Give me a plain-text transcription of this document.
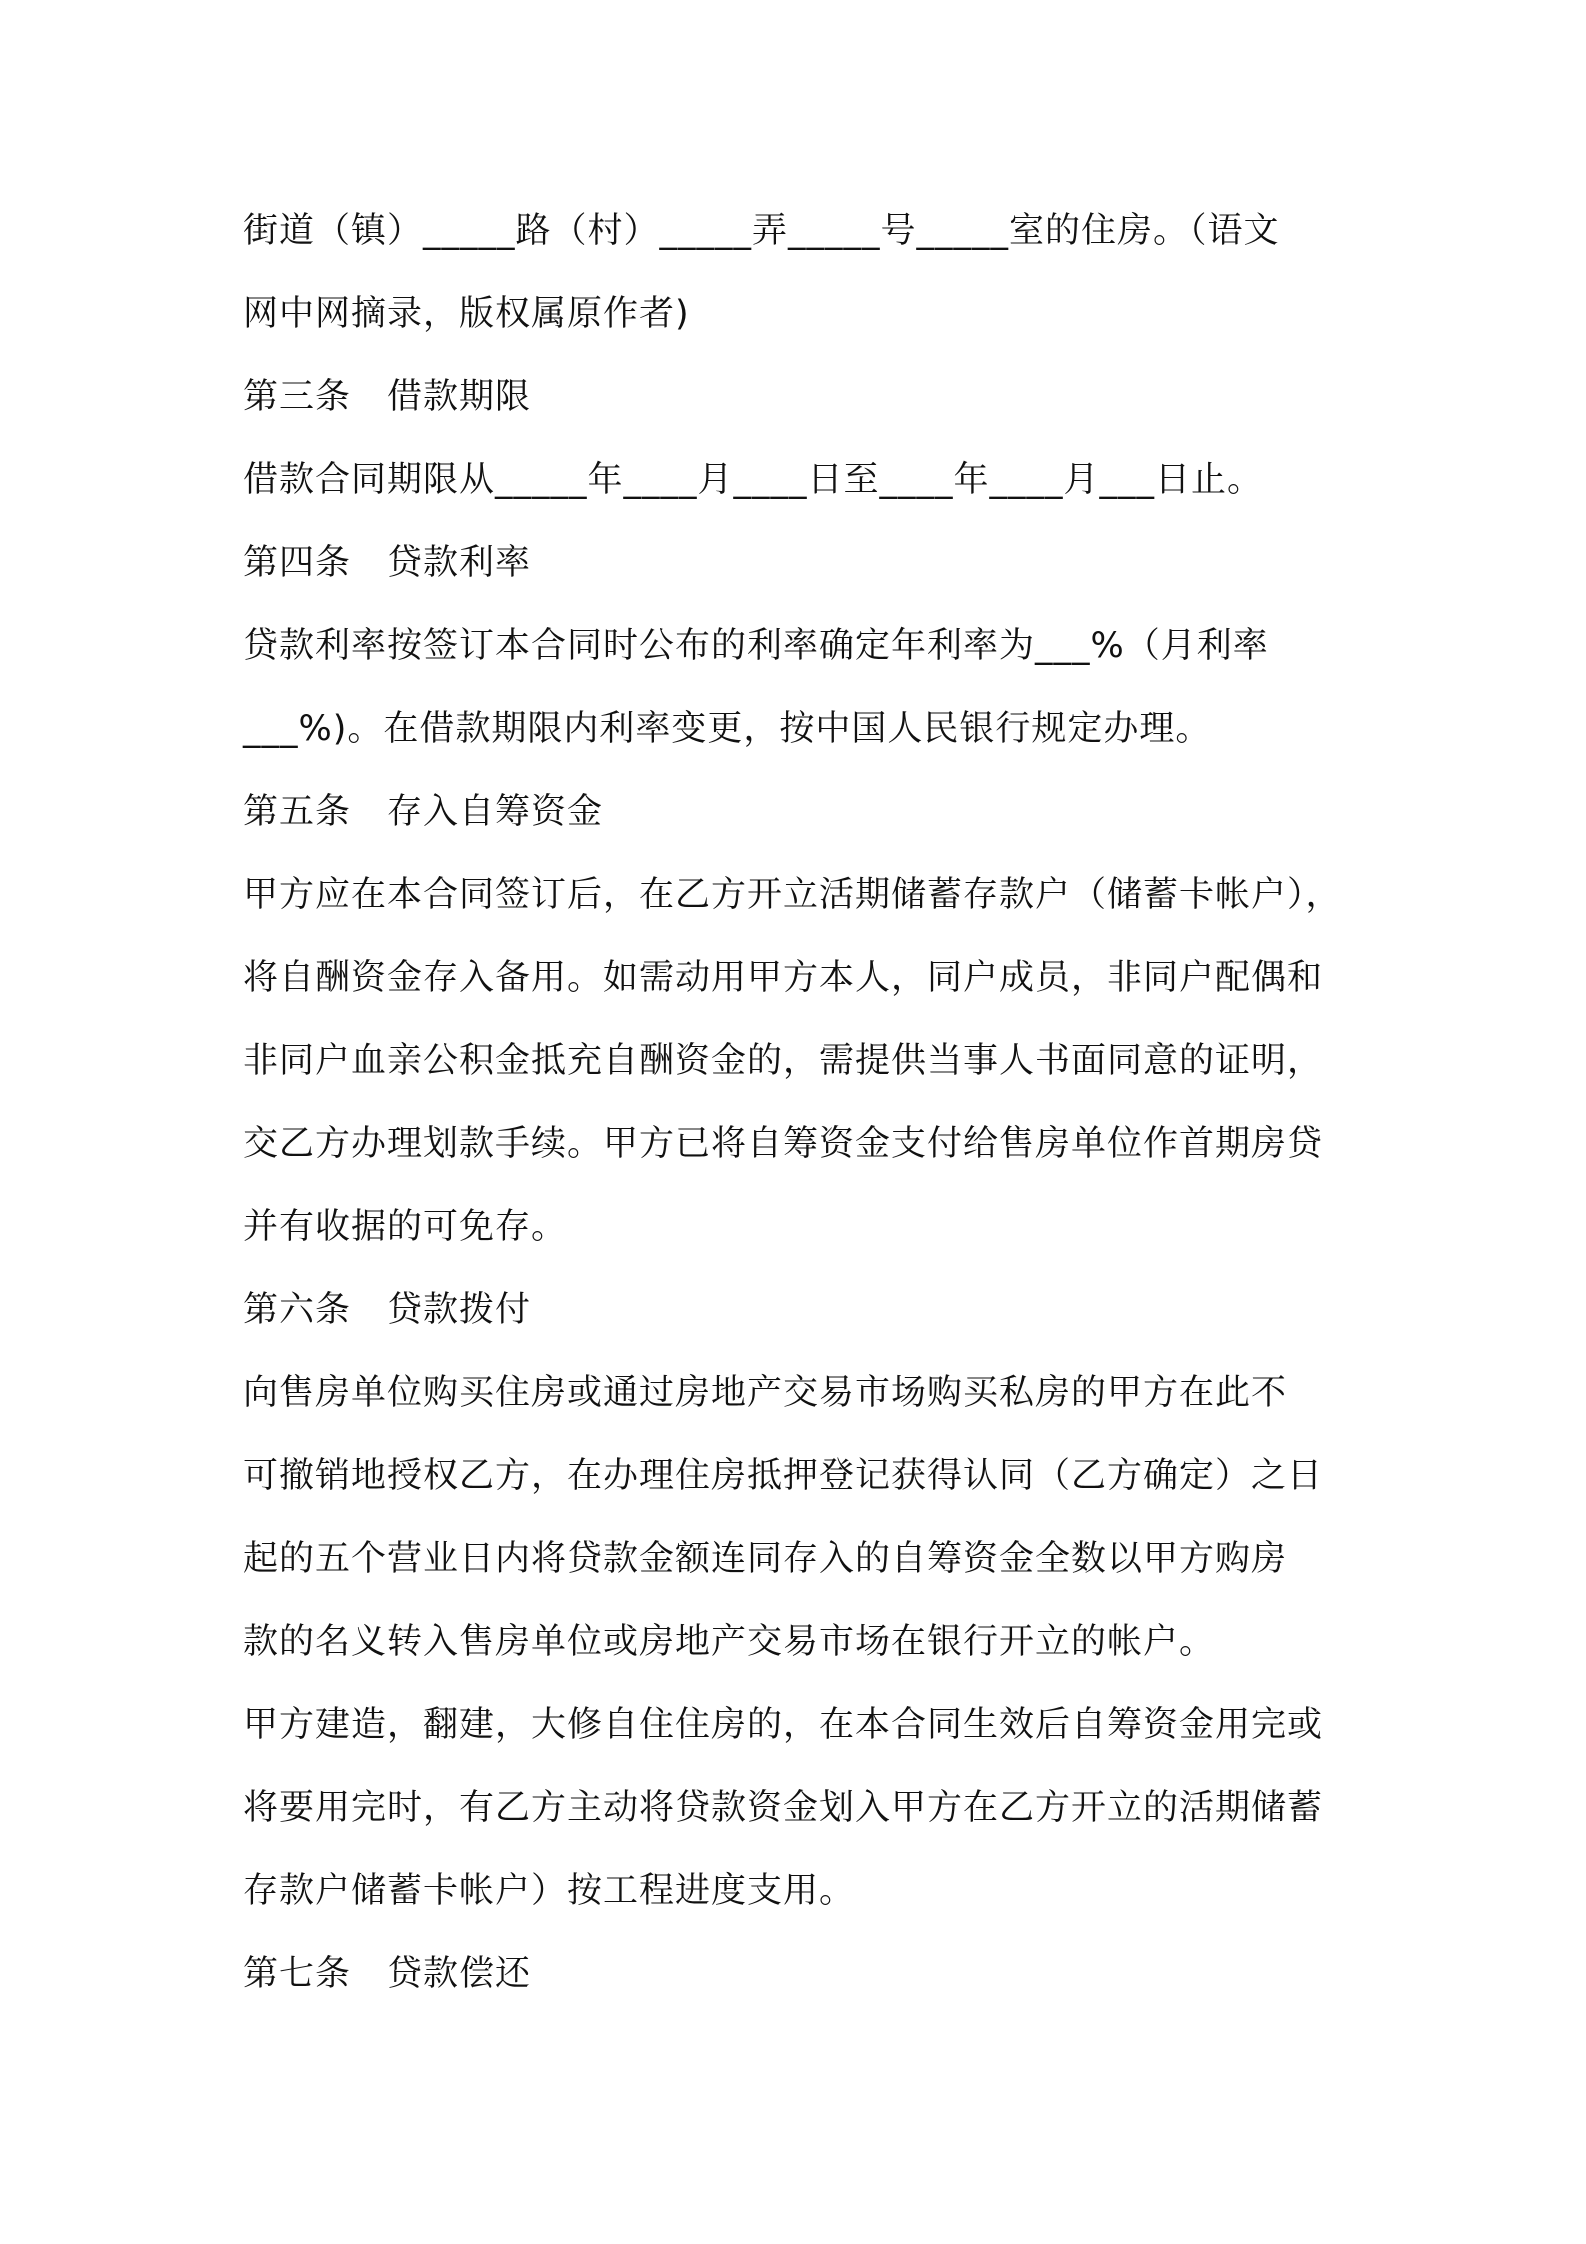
街道（镇）_____路（村）_____弄_____号_____室的住房。（语文
网中网摘录，版权属原作者)
第三条　借款期限
借款合同期限从_____年____月____日至____年____月___日止。
第四条　贷款利率
贷款利率按签订本合同时公布的利率确定年利率为___%（月利率
___%)。在借款期限内利率变更，按中国人民银行规定办理。
第五条　存入自筹资金
甲方应在本合同签订后，在乙方开立活期储蓄存款户（储蓄卡帐户），
将自酬资金存入备用。如需动用甲方本人，同户成员，非同户配偶和
非同户血亲公积金抵充自酬资金的，需提供当事人书面同意的证明，
交乙方办理划款手续。甲方已将自筹资金支付给售房单位作首期房贷
并有收据的可免存。
第六条　贷款拨付
向售房单位购买住房或通过房地产交易市场购买私房的甲方在此不
可撤销地授权乙方，在办理住房抵押登记获得认同（乙方确定）之日
起的五个营业日内将贷款金额连同存入的自筹资金全数以甲方购房
款的名义转入售房单位或房地产交易市场在银行开立的帐户。
甲方建造，翻建，大修自住住房的，在本合同生效后自筹资金用完或
将要用完时，有乙方主动将贷款资金划入甲方在乙方开立的活期储蓄
存款户储蓄卡帐户）按工程进度支用。
第七条　贷款偿还
